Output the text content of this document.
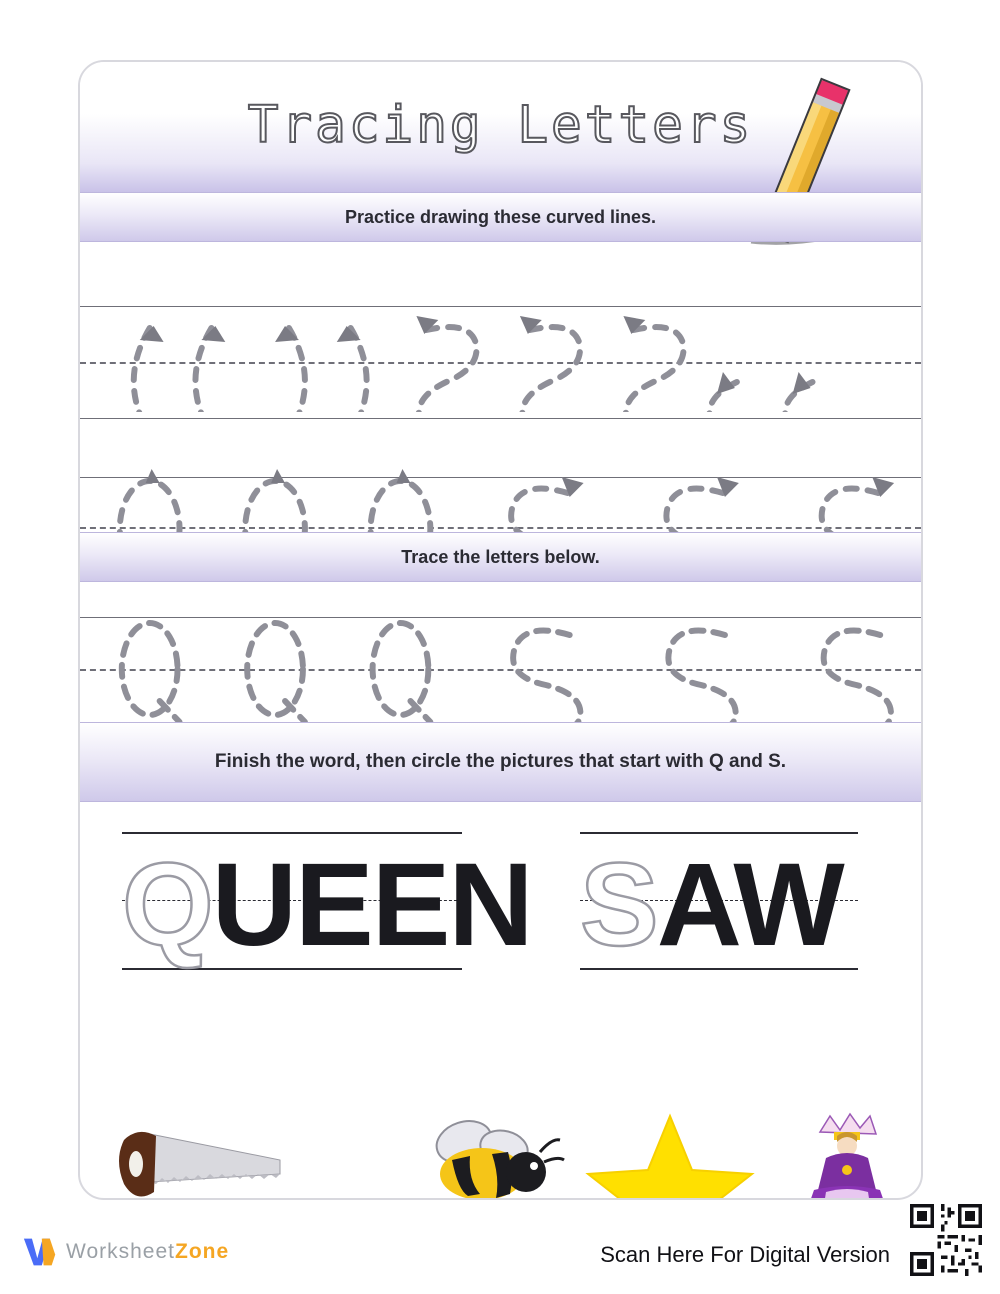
Tracing Letters
Practice drawing these curved lines.
Trace the letters below.
Finish the word, then circle the pictures that start with Q and S.
QUEEN SAW
WorksheetZone	Scan Here For Digital Version
